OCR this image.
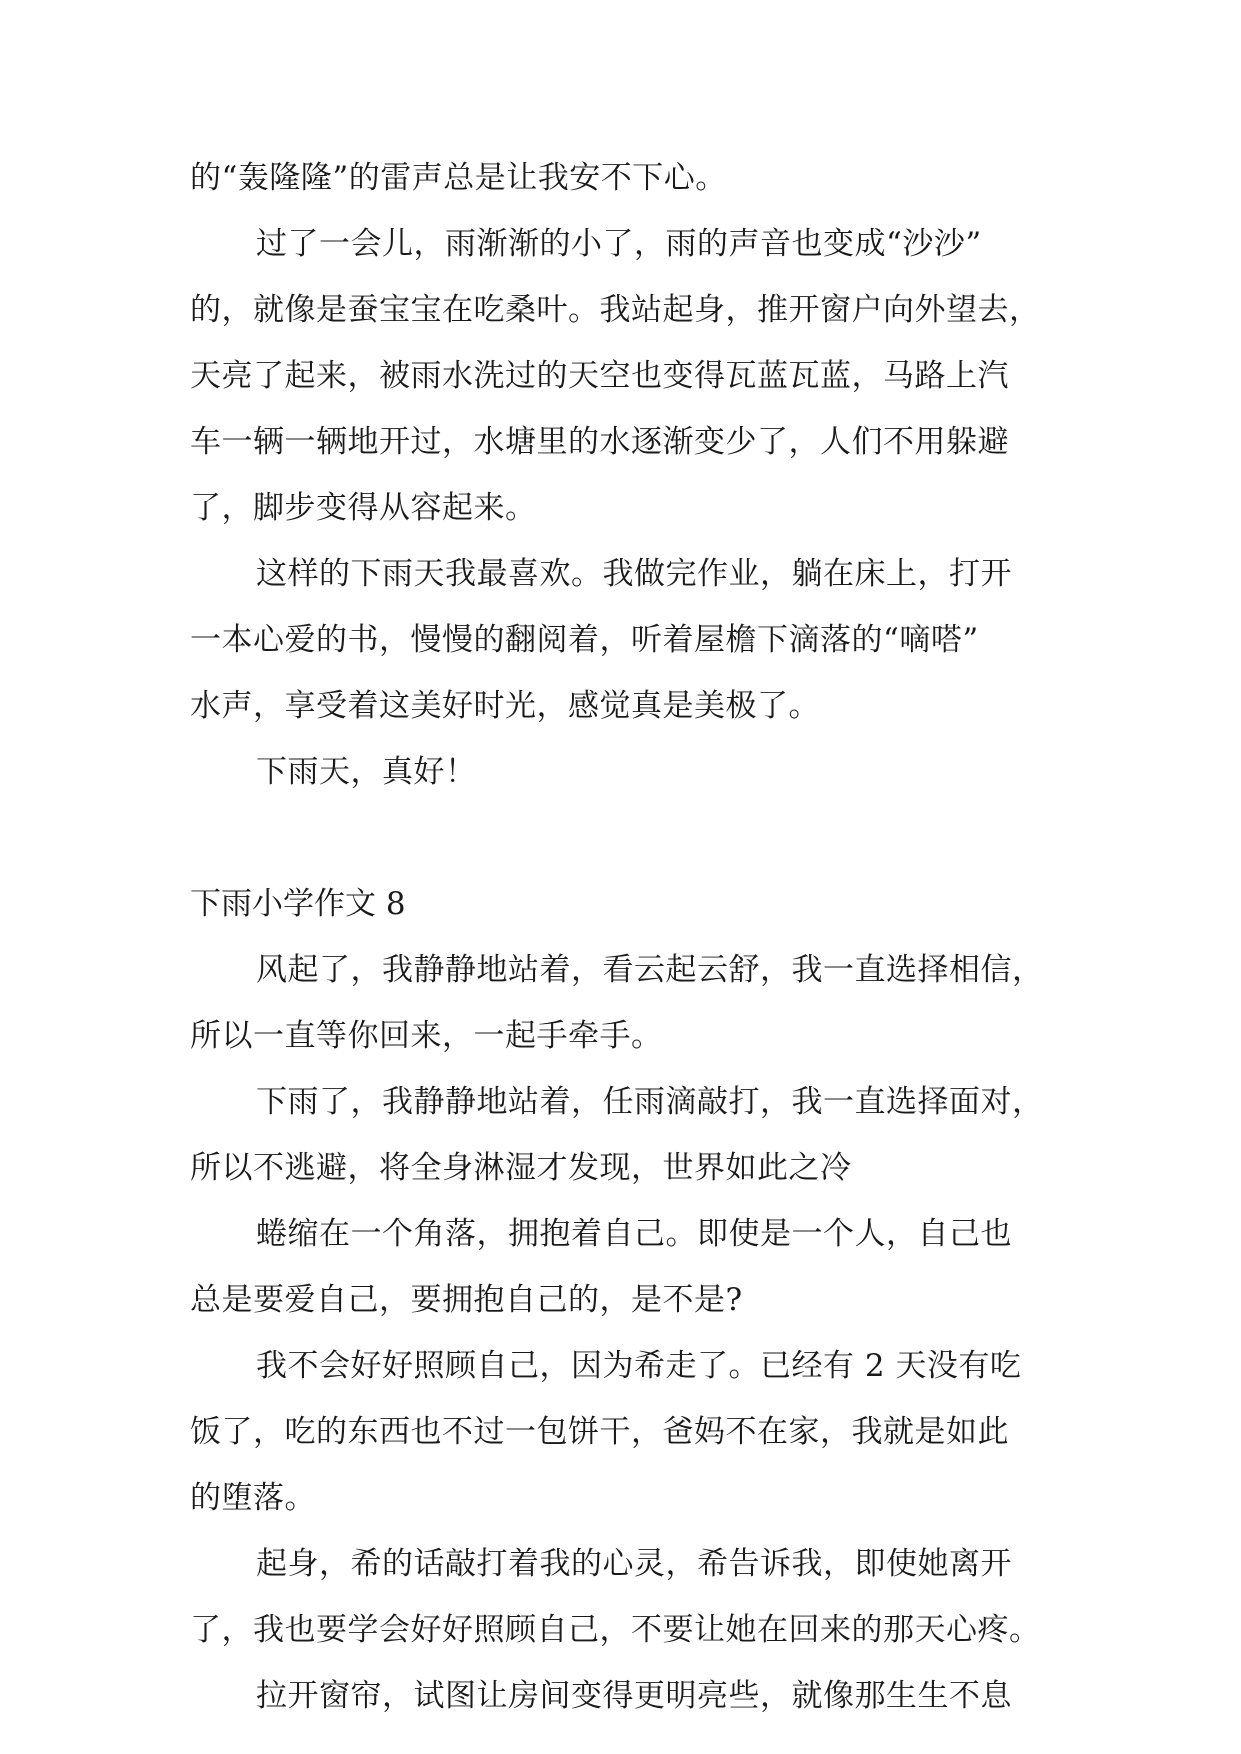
的“轰隆隆”的雷声总是让我安不下心。
过了一会儿，雨渐渐的小了，雨的声音也变成“沙沙”
的，就像是蚕宝宝在吃桑叶。我站起身，推开窗户向外望去，
天亮了起来，被雨水洗过的天空也变得瓦蓝瓦蓝，马路上汽
车一辆一辆地开过，水塘里的水逐渐变少了，人们不用躲避
了，脚步变得从容起来。
这样的下雨天我最喜欢。我做完作业，躺在床上，打开
一本心爱的书，慢慢的翻阅着，听着屋檐下滴落的“嘀嗒”
水声，享受着这美好时光，感觉真是美极了。
下雨天，真好！
下雨小学作文 8
风起了，我静静地站着，看云起云舒，我一直选择相信，
所以一直等你回来，一起手牵手。
下雨了，我静静地站着，任雨滴敲打，我一直选择面对，
所以不逃避，将全身淋湿才发现，世界如此之冷
蜷缩在一个角落，拥抱着自己。即使是一个人，自己也
总是要爱自己，要拥抱自己的，是不是?
我不会好好照顾自己，因为希走了。已经有 2 天没有吃
饭了，吃的东西也不过一包饼干，爸妈不在家，我就是如此
的堕落。
起身，希的话敲打着我的心灵，希告诉我，即使她离开
了，我也要学会好好照顾自己，不要让她在回来的那天心疼。
拉开窗帘，试图让房间变得更明亮些，就像那生生不息
